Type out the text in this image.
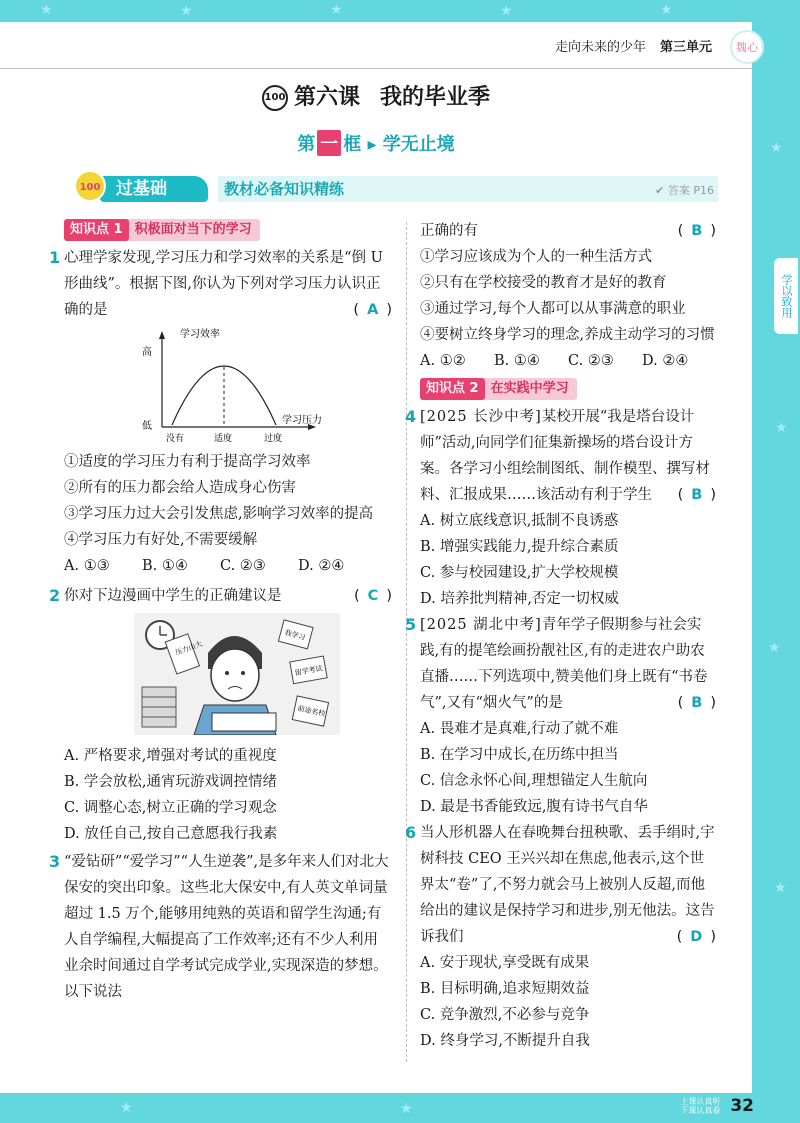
★	★	★	★	★
★
★
★
★
★	★
学以致用
走向未来的少年 第三单元	魏心
100 第六课 我的毕业季
第 一 框 ▸ 学无止境
过基础
100	教材必备知识精练	✔ 答案 P16
知识点 1 积极面对当下的学习
1 心理学家发现,学习压力和学习效率的关系是“倒 U 形曲线”。根据下图,你认为下列对学习压力认识正确的是	( A )
学习效率
高
低
学习压力
没有	适度	过度
①适度的学习压力有利于提高学习效率
②所有的压力都会给人造成身心伤害
③学习压力过大会引发焦虑,影响学习效率的提高
④学习压力有好处,不需要缓解
A. ①③	B. ①④	C. ②③	D. ②④
2 你对下边漫画中学生的正确建议是	( C )
压力山大
我学习
留学考试
前途名校
A. 严格要求,增强对考试的重视度
B. 学会放松,通宵玩游戏调控情绪
C. 调整心态,树立正确的学习观念
D. 放任自己,按自己意愿我行我素
3 “爱钻研”“爱学习”“人生逆袭”,是多年来人们对北大保安的突出印象。这些北大保安中,有人英文单词量超过 1.5 万个,能够用纯熟的英语和留学生沟通;有人自学编程,大幅提高了工作效率;还有不少人利用业余时间通过自学考试完成学业,实现深造的梦想。以下说法
正确的有	( B )
①学习应该成为个人的一种生活方式
②只有在学校接受的教育才是好的教育
③通过学习,每个人都可以从事满意的职业
④要树立终身学习的理念,养成主动学习的习惯
A. ①②	B. ①④	C. ②③	D. ②④
知识点 2 在实践中学习
4 [2025 长沙中考]某校开展“我是塔台设计师”活动,向同学们征集新操场的塔台设计方案。各学习小组绘制图纸、制作模型、撰写材料、汇报成果……该活动有利于学生 ( B )
A. 树立底线意识,抵制不良诱惑
B. 增强实践能力,提升综合素质
C. 参与校园建设,扩大学校规模
D. 培养批判精神,否定一切权威
5 [2025 湖北中考]青年学子假期参与社会实践,有的提笔绘画扮靓社区,有的走进农户助农直播……下列选项中,赞美他们身上既有“书卷气”,又有“烟火气”的是	( B )
A. 畏难才是真难,行动了就不难
B. 在学习中成长,在历练中担当
C. 信念永怀心间,理想锚定人生航向
D. 最是书香能致远,腹有诗书气自华
6 当人形机器人在春晚舞台扭秧歌、丢手绢时,宇树科技 CEO 王兴兴却在焦虑,他表示,这个世界太“卷”了,不努力就会马上被别人反超,而他给出的建议是保持学习和进步,别无他法。这告诉我们	( D )
A. 安于现状,享受既有成果
B. 目标明确,追求短期效益
C. 竞争激烈,不必参与竞争
D. 终身学习,不断提升自我
上课认真听 下课认真看 32
